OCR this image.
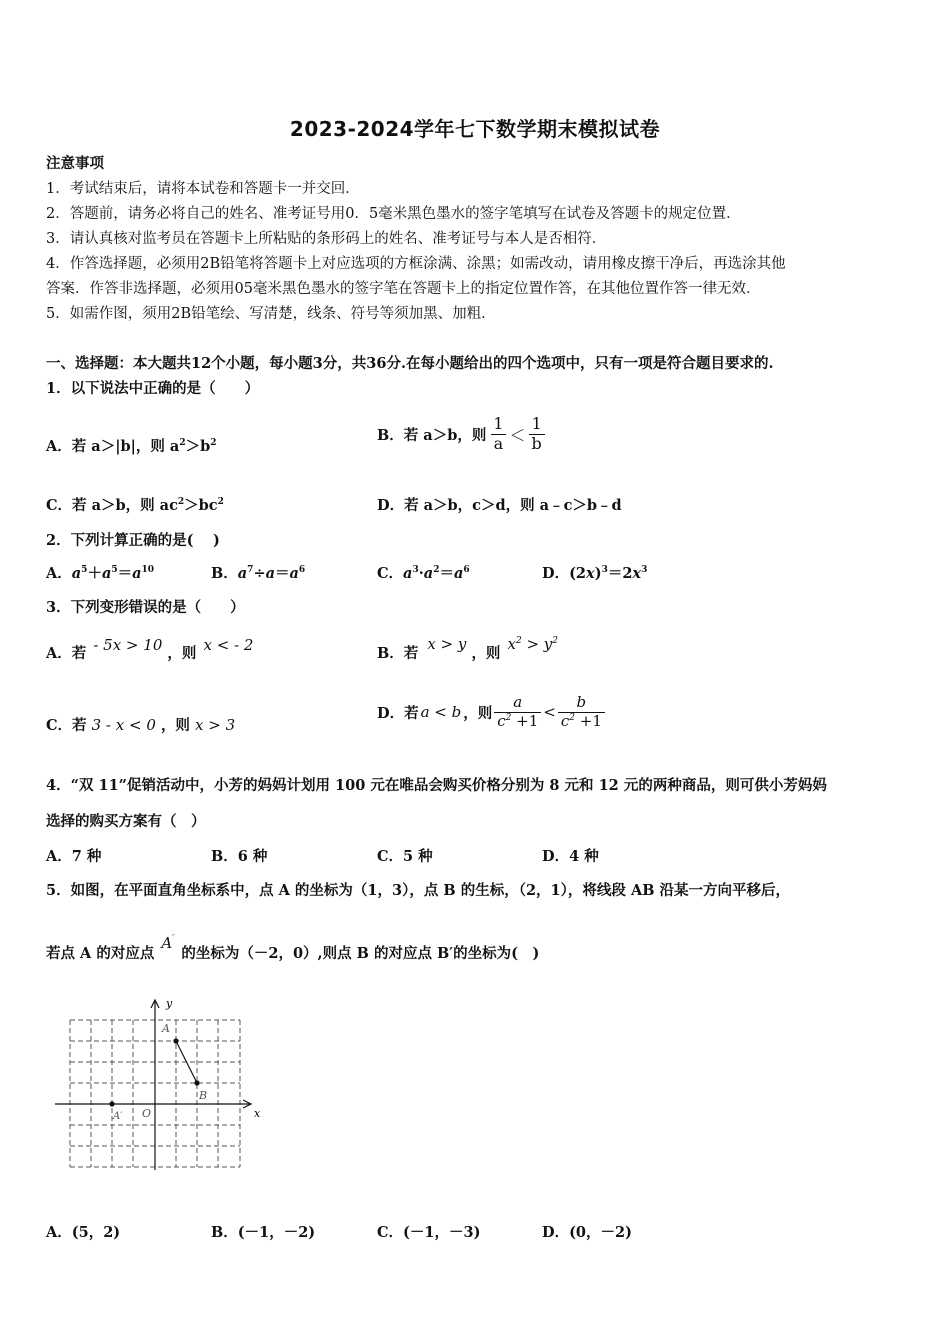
2023-2024学年七下数学期末模拟试卷
注意事项
1．考试结束后，请将本试卷和答题卡一并交回．
2．答题前，请务必将自己的姓名、准考证号用0．5毫米黑色墨水的签字笔填写在试卷及答题卡的规定位置．
3．请认真核对监考员在答题卡上所粘贴的条形码上的姓名、准考证号与本人是否相符．
4．作答选择题，必须用2B铅笔将答题卡上对应选项的方框涂满、涂黑；如需改动，请用橡皮擦干净后，再选涂其他
答案．作答非选择题，必须用05毫米黑色墨水的签字笔在答题卡上的指定位置作答，在其他位置作答一律无效．
5．如需作图，须用2B铅笔绘、写清楚，线条、符号等须加黑、加粗．
一、选择题：本大题共12个小题，每小题3分，共36分.在每小题给出的四个选项中，只有一项是符合题目要求的.
1．以下说法中正确的是（　　）
A．若 a＞|b|，则 $a^2>b^2$	B．若 a＞b，则 $\frac{1}{a} < \frac{1}{b}$
C．若 a＞b，则 $ac^2>bc^2$	D．若 a＞b，c＞d，则 a﹣c＞b﹣d
2．下列计算正确的是(　 )
A．$a^5+a^5=a^{10}$	B．$a^7\div a=a^6$	C．$a^3\cdot a^2=a^6$	D．$(2x)^3=2x^3$
3．下列变形错误的是（　　）
A．若 - 5x > 10 ，则 x < - 2	B．若 x > y ，则 $x^2 > y^2$
C．若 3 - x < 0 ，则 x > 3
D．若 a < b ，则 $\frac{a}{c^2 +1} < \frac{b}{c^2 +1}$
4．“双 11”促销活动中，小芳的妈妈计划用 100 元在唯品会购买价格分别为 8 元和 12 元的两种商品，则可供小芳妈妈
选择的购买方案有（　）
A．7 种	B．6 种	C．5 种	D．4 种
5．如图，在平面直角坐标系中，点 A 的坐标为（1，3），点 B 的生标，（2，1），将线段 AB 沿某一方向平移后，
若点 A 的对应点 A′ 的坐标为（－2，0）,则点 B 的对应点 B′的坐标为(　)
y
x
A
B
O
A′
A．(5，2)	B．(－1，－2)	C．(－1，－3)	D．(0，－2)
